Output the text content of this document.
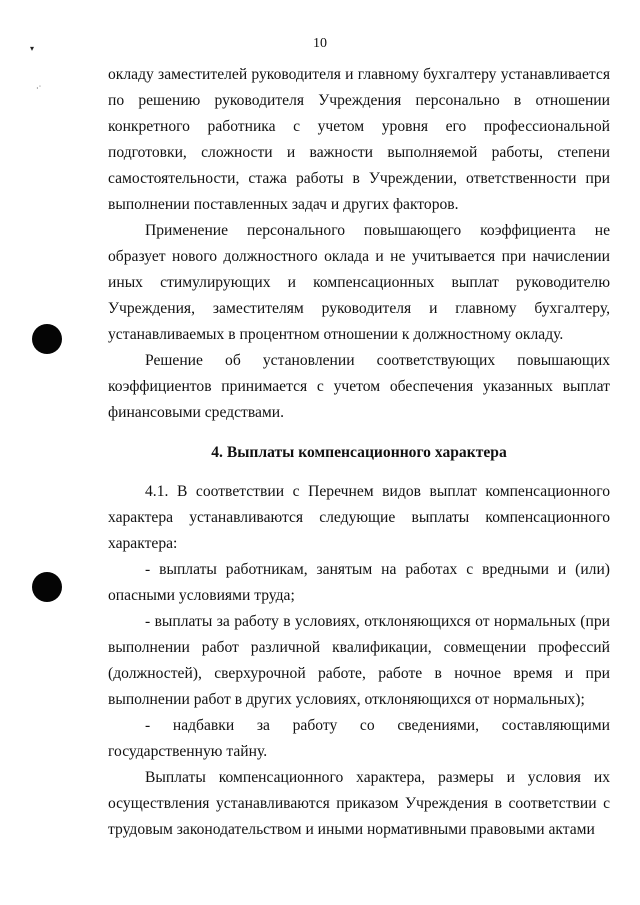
10
▾
·˙

окладу заместителей руководителя и главному бухгалтеру устанавливается по решению руководителя Учреждения персонально в отношении конкретного работника с учетом уровня его профессиональной подготовки, сложности и важности выполняемой работы, степени самостоятельности, стажа работы в Учреждении, ответственности при выполнении поставленных задач и других факторов.

Применение персонального повышающего коэффициента не образует нового должностного оклада и не учитывается при начислении иных стимулирующих и компенсационных выплат руководителю Учреждения, заместителям руководителя и главному бухгалтеру, устанавливаемых в процентном отношении к должностному окладу.

Решение об установлении соответствующих повышающих коэффициентов принимается с учетом обеспечения указанных выплат финансовыми средствами.

4. Выплаты компенсационного характера

4.1. В соответствии с Перечнем видов выплат компенсационного характера устанавливаются следующие выплаты компенсационного характера:

- выплаты работникам, занятым на работах с вредными и (или) опасными условиями труда;

- выплаты за работу в условиях, отклоняющихся от нормальных (при выполнении работ различной квалификации, совмещении профессий (должностей), сверхурочной работе, работе в ночное время и при выполнении работ в других условиях, отклоняющихся от нормальных);

- надбавки за работу со сведениями, составляющими государственную тайну.

Выплаты компенсационного характера, размеры и условия их осуществления устанавливаются приказом Учреждения в соответствии с трудовым законодательством и иными нормативными правовыми актами
